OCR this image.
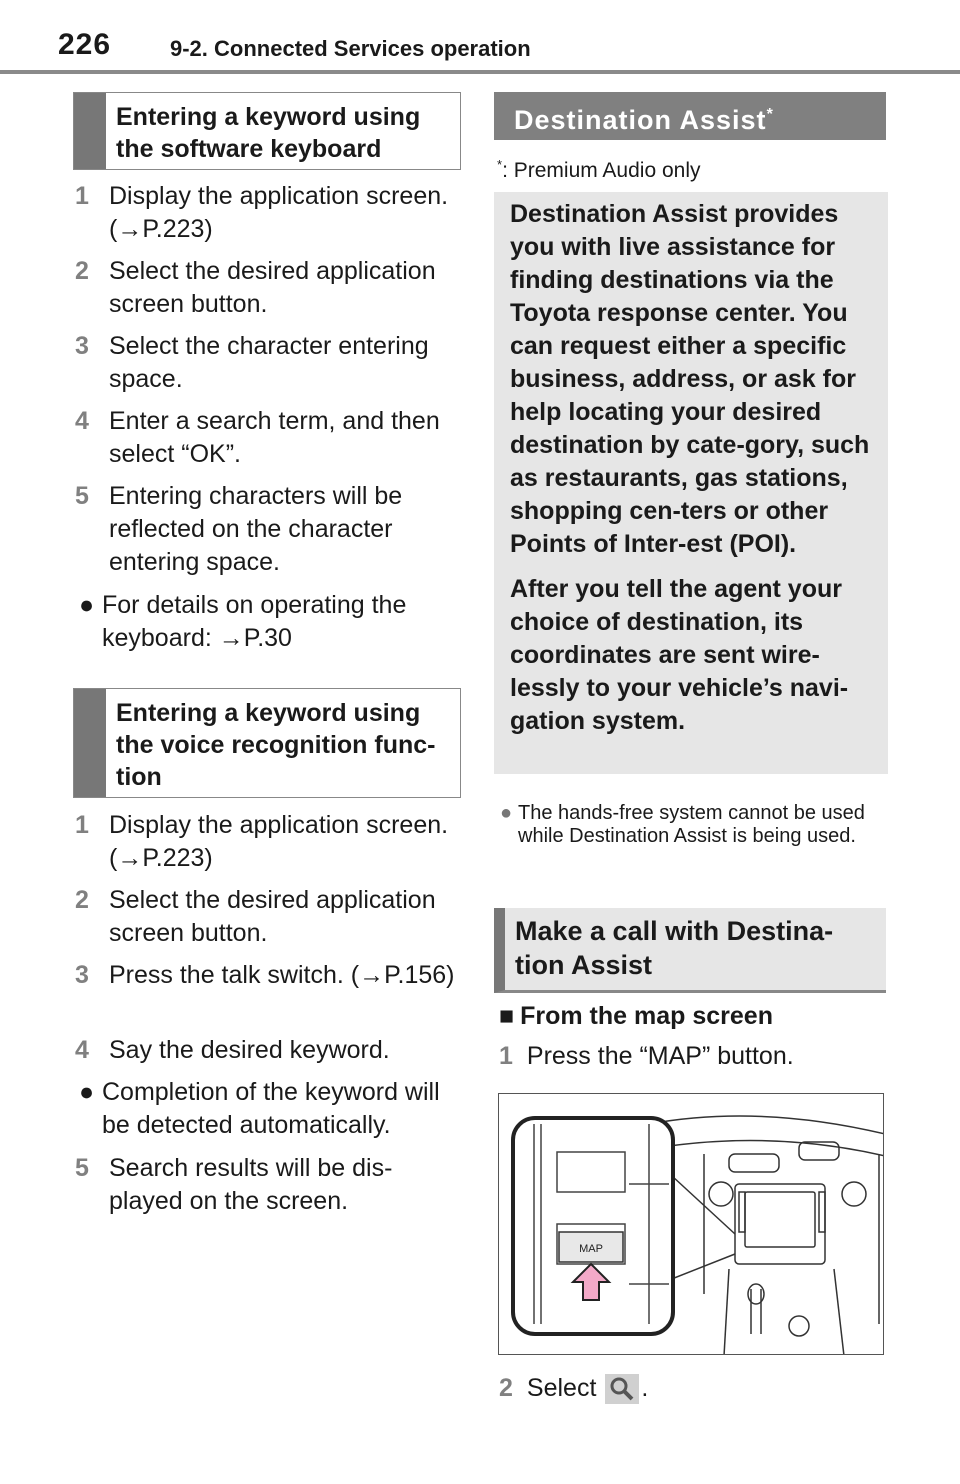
226	9-2. Connected Services operation
Entering a keyword using the software keyboard
1 Display the application screen. (→P.223)
2 Select the desired application screen button.
3 Select the character entering space.
4 Enter a search term, and then select “OK”.
5 Entering characters will be reflected on the character entering space.
● For details on operating the keyboard: →P.30
Entering a keyword using the voice recognition func-tion
1 Display the application screen. (→P.223)
2 Select the desired application screen button.
3 Press the talk switch. (→P.156)
4 Say the desired keyword.
● Completion of the keyword will be detected automatically.
5 Search results will be dis-played on the screen.
Destination Assist*
*: Premium Audio only

Destination Assist provides you with live assistance for finding destinations via the Toyota response center. You can request either a specific business, address, or ask for help locating your desired destination by cate-gory, such as restaurants, gas stations, shopping cen-ters or other Points of Inter-est (POI).

After you tell the agent your choice of destination, its coordinates are sent wire-lessly to your vehicle’s navi-gation system.

● The hands-free system cannot be used while Destination Assist is being used.
Make a call with Destina-tion Assist
■ From the map screen
1 Press the “MAP” button.
MAP
2 Select .
